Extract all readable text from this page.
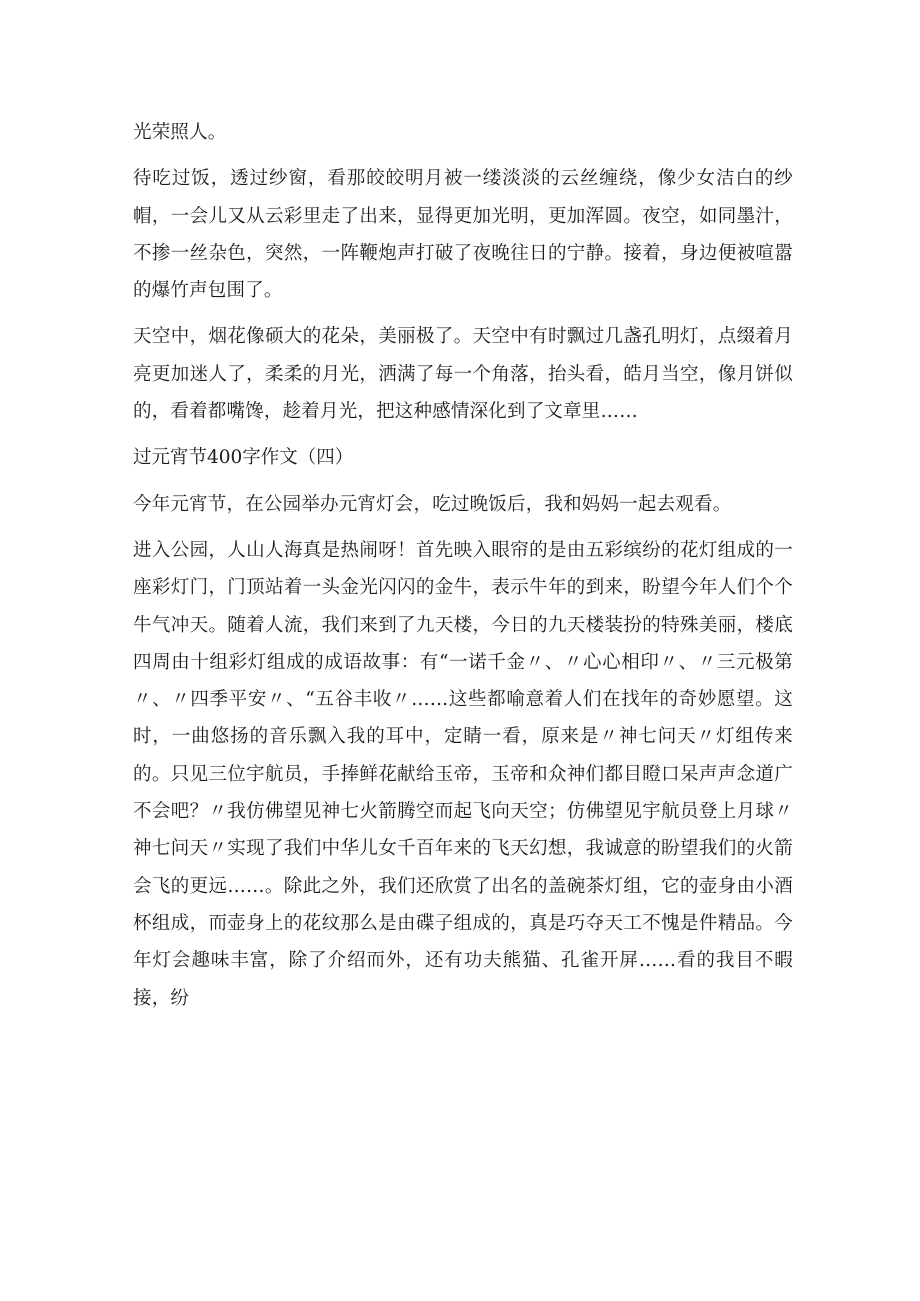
光荣照人。

待吃过饭，透过纱窗，看那皎皎明月被一缕淡淡的云丝缠绕，像少女洁白的纱帽，一会儿又从云彩里走了出来，显得更加光明，更加浑圆。夜空，如同墨汁，不掺一丝杂色，突然，一阵鞭炮声打破了夜晚往日的宁静。接着，身边便被喧嚣的爆竹声包围了。

天空中，烟花像硕大的花朵，美丽极了。天空中有时飘过几盏孔明灯，点缀着月亮更加迷人了，柔柔的月光，洒满了每一个角落，抬头看，皓月当空，像月饼似的，看着都嘴馋，趁着月光，把这种感情深化到了文章里……

过元宵节400字作文（四）

今年元宵节，在公园举办元宵灯会，吃过晚饭后，我和妈妈一起去观看。

进入公园，人山人海真是热闹呀！首先映入眼帘的是由五彩缤纷的花灯组成的一座彩灯门，门顶站着一头金光闪闪的金牛，表示牛年的到来，盼望今年人们个个牛气冲天。随着人流，我们来到了九天楼，今日的九天楼装扮的特殊美丽，楼底四周由十组彩灯组成的成语故事：有“一诺千金〃、〃心心相印〃、〃三元极第〃、〃四季平安〃、“五谷丰收〃……这些都喻意着人们在找年的奇妙愿望。这时，一曲悠扬的音乐飘入我的耳中，定睛一看，原来是〃神七问天〃灯组传来的。只见三位宇航员，手捧鲜花献给玉帝，玉帝和众神们都目瞪口呆声声念道广不会吧？〃我仿佛望见神七火箭腾空而起飞向天空；仿佛望见宇航员登上月球〃神七问天〃实现了我们中华儿女千百年来的飞天幻想，我诚意的盼望我们的火箭会飞的更远……。除此之外，我们还欣赏了出名的盖碗茶灯组，它的壶身由小酒杯组成，而壶身上的花纹那么是由碟子组成的，真是巧夺天工不愧是件精品。今年灯会趣味丰富，除了介绍而外，还有功夫熊猫、孔雀开屏……看的我目不暇接，纷
